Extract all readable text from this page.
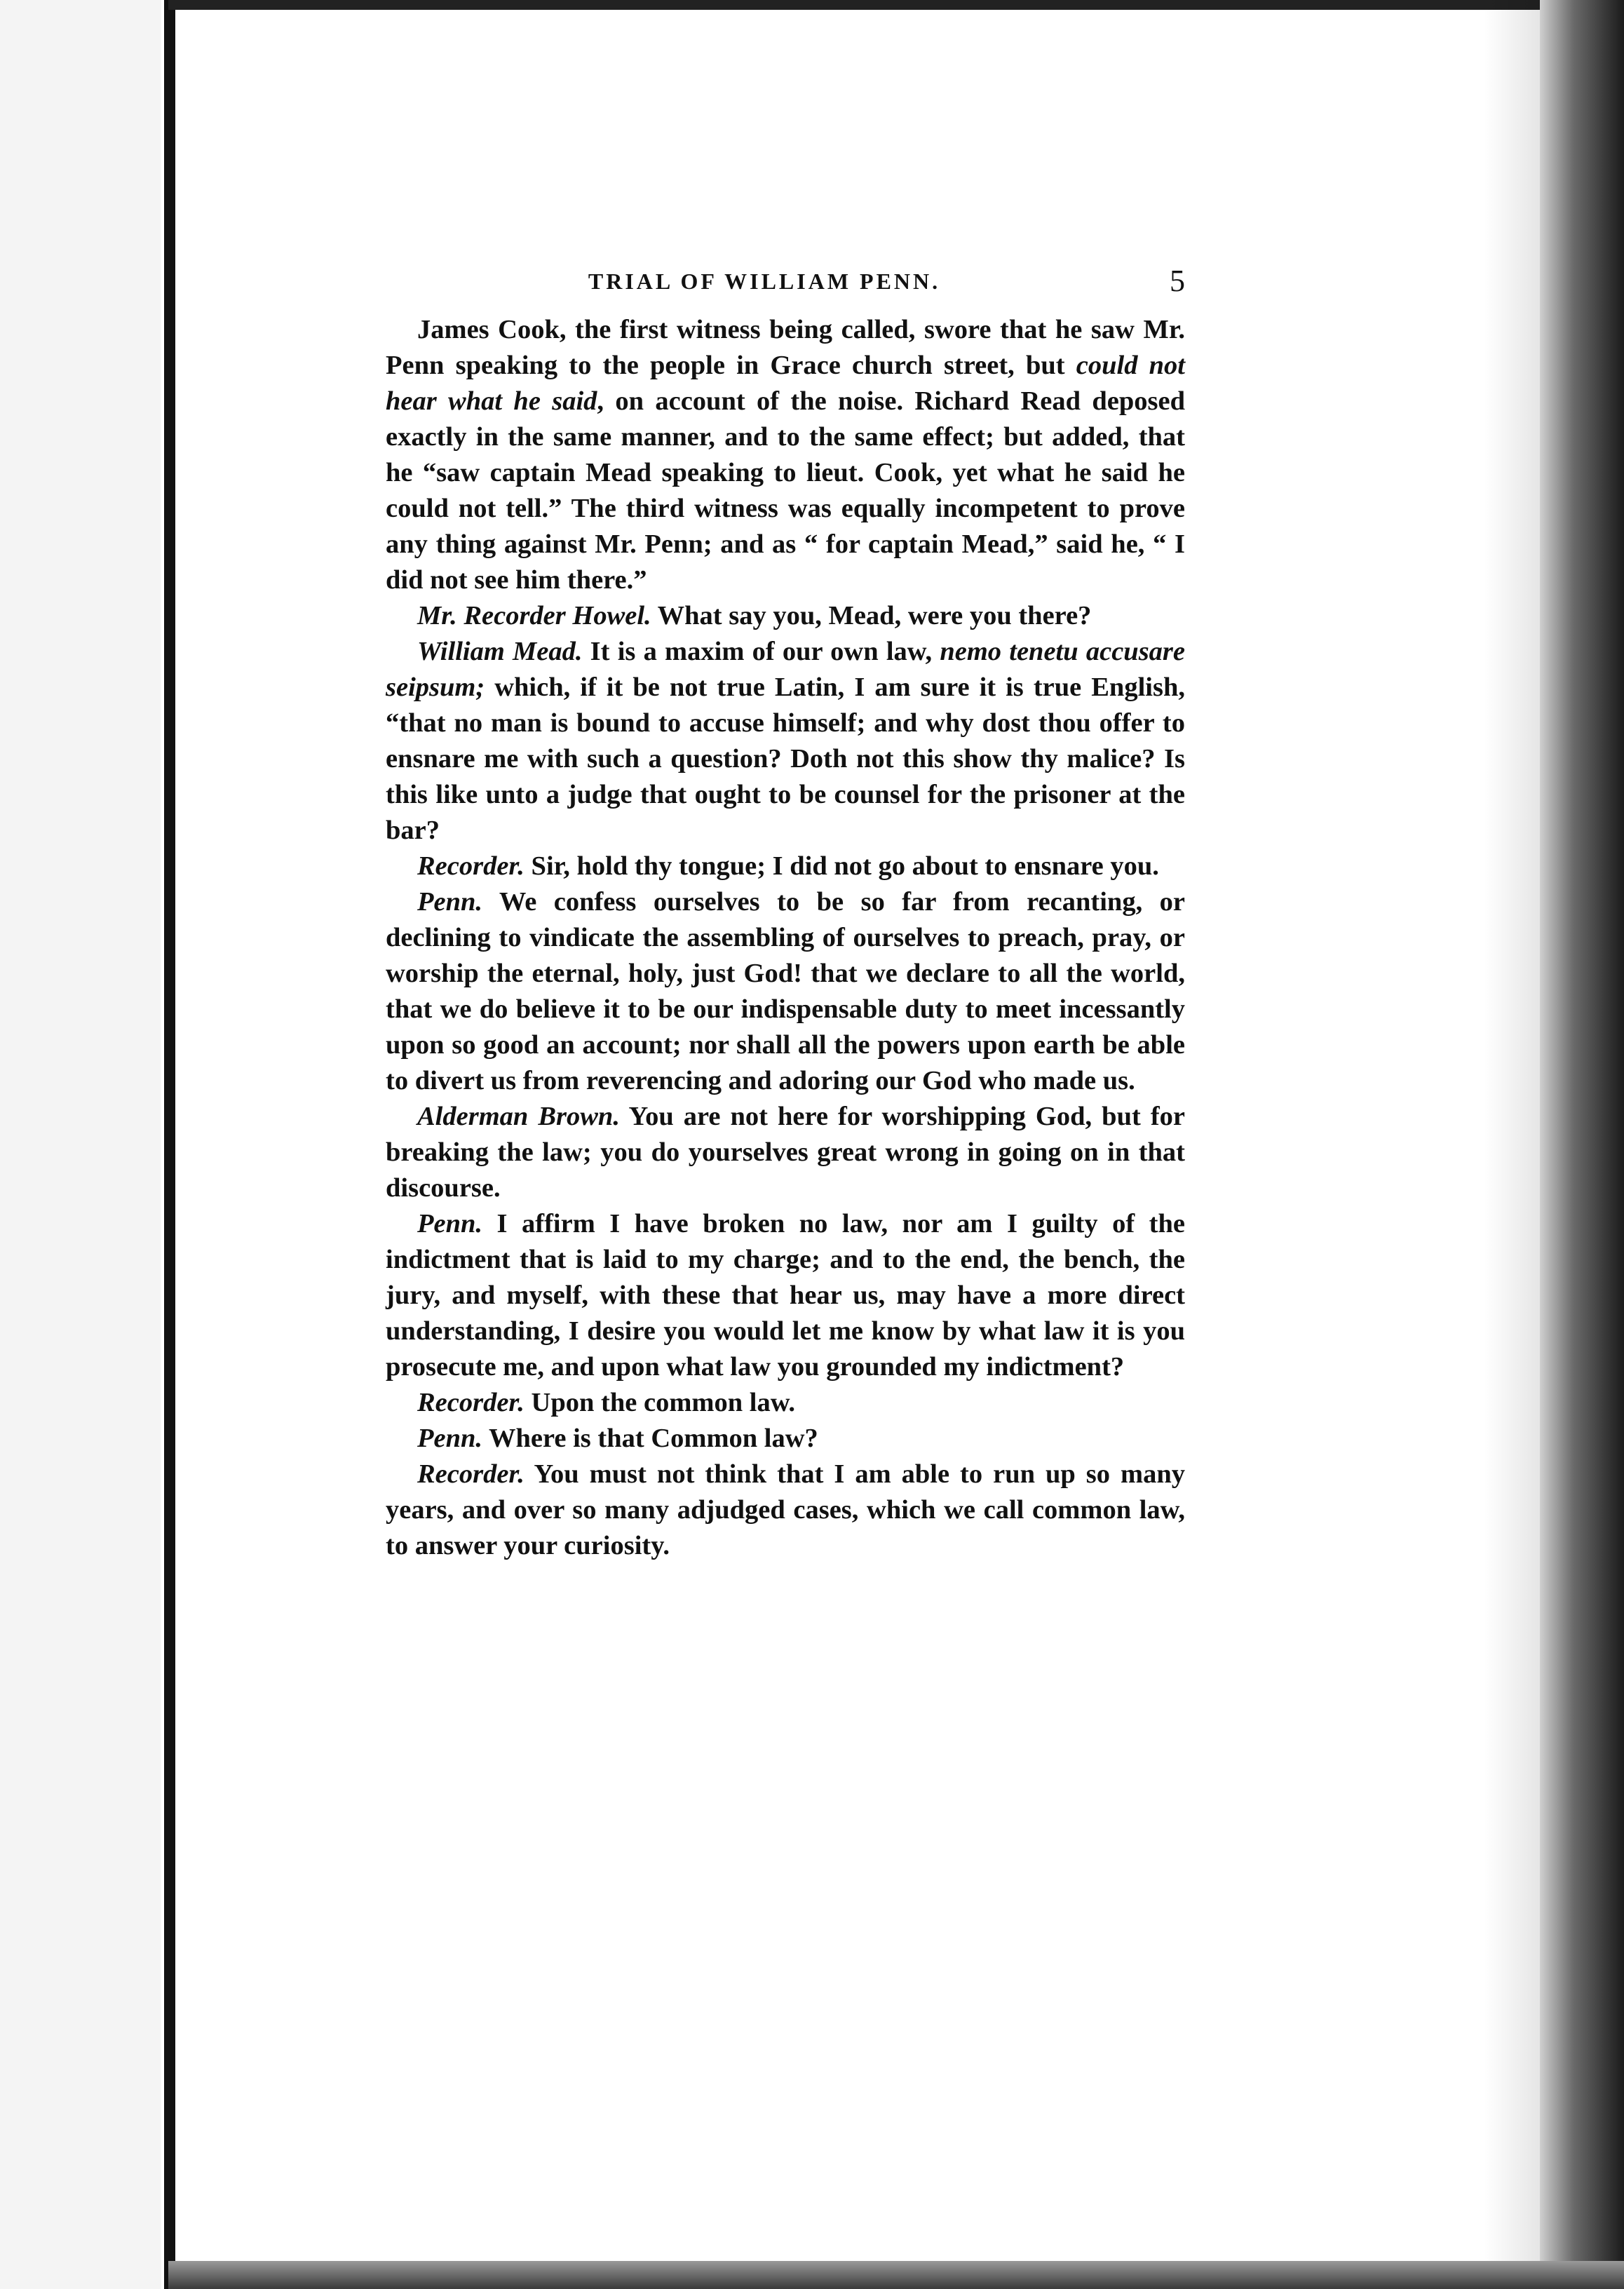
TRIAL OF WILLIAM PENN.	5

James Cook, the first witness being called, swore that he saw Mr. Penn speaking to the people in Grace church street, but could not hear what he said, on account of the noise. Richard Read deposed exactly in the same manner, and to the same effect; but added, that he “saw captain Mead speaking to lieut. Cook, yet what he said he could not tell.” The third witness was equally incompetent to prove any thing against Mr. Penn; and as “ for captain Mead,” said he, “ I did not see him there.”

Mr. Recorder Howel. What say you, Mead, were you there?

William Mead. It is a maxim of our own law, nemo tenetu accusare seipsum; which, if it be not true Latin, I am sure it is true English, “that no man is bound to accuse himself; and why dost thou offer to ensnare me with such a question? Doth not this show thy malice? Is this like unto a judge that ought to be counsel for the prisoner at the bar?

Recorder. Sir, hold thy tongue; I did not go about to ensnare you.

Penn. We confess ourselves to be so far from recanting, or declining to vindicate the assembling of ourselves to preach, pray, or worship the eternal, holy, just God! that we declare to all the world, that we do believe it to be our indispensable duty to meet incessantly upon so good an account; nor shall all the powers upon earth be able to divert us from reverencing and adoring our God who made us.

Alderman Brown. You are not here for worshipping God, but for breaking the law; you do yourselves great wrong in going on in that discourse.

Penn. I affirm I have broken no law, nor am I guilty of the indictment that is laid to my charge; and to the end, the bench, the jury, and myself, with these that hear us, may have a more direct understanding, I desire you would let me know by what law it is you prosecute me, and upon what law you grounded my indictment?

Recorder. Upon the common law.

Penn. Where is that Common law?

Recorder. You must not think that I am able to run up so many years, and over so many adjudged cases, which we call common law, to answer your curiosity.
